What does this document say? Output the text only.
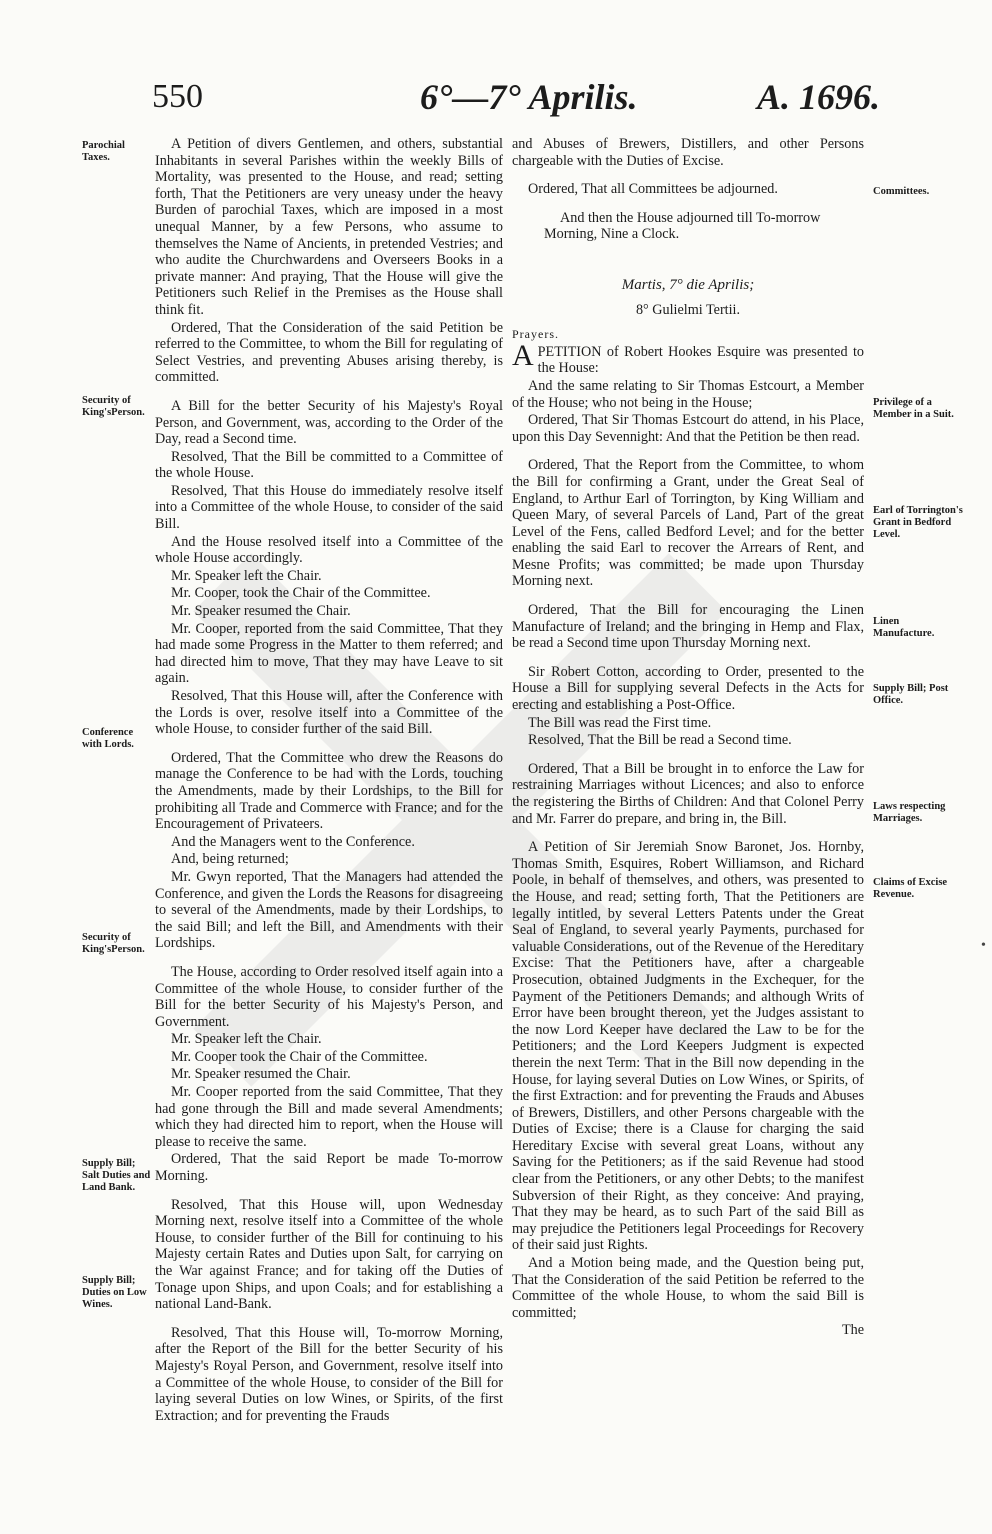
550	6°—7° Aprilis.	A. 1696.
Parochial Taxes.
Security of King'sPerson.
Conference with Lords.
Security of King'sPerson.
Supply Bill; Salt Duties and Land Bank.
Supply Bill; Duties on Low Wines.
Committees.
Privilege of a Member in a Suit.
Earl of Torrington's Grant in Bedford Level.
Linen Manufacture.
Supply Bill; Post Office.
Laws respecting Marriages.
Claims of Excise Revenue.
•

A Petition of divers Gentlemen, and others, substantial Inhabitants in several Parishes within the weekly Bills of Mortality, was presented to the House, and read; setting forth, That the Petitioners are very uneasy under the heavy Burden of parochial Taxes, which are imposed in a most unequal Manner, by a few Persons, who assume to themselves the Name of Ancients, in pretended Vestries; and who audite the Churchwardens and Overseers Books in a private manner: And praying, That the House will give the Petitioners such Relief in the Premises as the House shall think fit.

Ordered, That the Consideration of the said Petition be referred to the Committee, to whom the Bill for regulating of Select Vestries, and preventing Abuses arising thereby, is committed.

A Bill for the better Security of his Majesty's Royal Person, and Government, was, according to the Order of the Day, read a Second time.

Resolved, That the Bill be committed to a Committee of the whole House.

Resolved, That this House do immediately resolve itself into a Committee of the whole House, to consider of the said Bill.

And the House resolved itself into a Committee of the whole House accordingly.

Mr. Speaker left the Chair.

Mr. Cooper, took the Chair of the Committee.

Mr. Speaker resumed the Chair.

Mr. Cooper, reported from the said Committee, That they had made some Progress in the Matter to them referred; and had directed him to move, That they may have Leave to sit again.

Resolved, That this House will, after the Conference with the Lords is over, resolve itself into a Committee of the whole House, to consider further of the said Bill.

Ordered, That the Committee who drew the Reasons do manage the Conference to be had with the Lords, touching the Amendments, made by their Lordships, to the Bill for prohibiting all Trade and Commerce with France; and for the Encouragement of Privateers.

And the Managers went to the Conference.

And, being returned;

Mr. Gwyn reported, That the Managers had attended the Conference, and given the Lords the Reasons for disagreeing to several of the Amendments, made by their Lordships, to the said Bill; and left the Bill, and Amendments with their Lordships.

The House, according to Order resolved itself again into a Committee of the whole House, to consider further of the Bill for the better Security of his Majesty's Person, and Government.

Mr. Speaker left the Chair.

Mr. Cooper took the Chair of the Committee.

Mr. Speaker resumed the Chair.

Mr. Cooper reported from the said Committee, That they had gone through the Bill and made several Amendments; which they had directed him to report, when the House will please to receive the same.

Ordered, That the said Report be made To-morrow Morning.

Resolved, That this House will, upon Wednesday Morning next, resolve itself into a Committee of the whole House, to consider further of the Bill for continuing to his Majesty certain Rates and Duties upon Salt, for carrying on the War against France; and for taking off the Duties of Tonage upon Ships, and upon Coals; and for establishing a national Land-Bank.

Resolved, That this House will, To-morrow Morning, after the Report of the Bill for the better Security of his Majesty's Royal Person, and Government, resolve itself into a Committee of the whole House, to consider of the Bill for laying several Duties on low Wines, or Spirits, of the first Extraction; and for preventing the Frauds

and Abuses of Brewers, Distillers, and other Persons chargeable with the Duties of Excise.

Ordered, That all Committees be adjourned.

And then the House adjourned till To-morrow Morning, Nine a Clock.

Martis, 7° die Aprilis;

8° Gulielmi Tertii.

Prayers.

APETITION of Robert Hookes Esquire was presented to the House:

And the same relating to Sir Thomas Estcourt, a Member of the House; who not being in the House;

Ordered, That Sir Thomas Estcourt do attend, in his Place, upon this Day Sevennight: And that the Petition be then read.

Ordered, That the Report from the Committee, to whom the Bill for confirming a Grant, under the Great Seal of England, to Arthur Earl of Torrington, by King William and Queen Mary, of several Parcels of Land, Part of the great Level of the Fens, called Bedford Level; and for the better enabling the said Earl to recover the Arrears of Rent, and Mesne Profits; was committed; be made upon Thursday Morning next.

Ordered, That the Bill for encouraging the Linen Manufacture of Ireland; and the bringing in Hemp and Flax, be read a Second time upon Thursday Morning next.

Sir Robert Cotton, according to Order, presented to the House a Bill for supplying several Defects in the Acts for erecting and establishing a Post-Office.

The Bill was read the First time.

Resolved, That the Bill be read a Second time.

Ordered, That a Bill be brought in to enforce the Law for restraining Marriages without Licences; and also to enforce the registering the Births of Children: And that Colonel Perry and Mr. Farrer do prepare, and bring in, the Bill.

A Petition of Sir Jeremiah Snow Baronet, Jos. Hornby, Thomas Smith, Esquires, Robert Williamson, and Richard Poole, in behalf of themselves, and others, was presented to the House, and read; setting forth, That the Petitioners are legally intitled, by several Letters Patents under the Great Seal of England, to several yearly Payments, purchased for valuable Considerations, out of the Revenue of the Hereditary Excise: That the Petitioners have, after a chargeable Prosecution, obtained Judgments in the Exchequer, for the Payment of the Petitioners Demands; and although Writs of Error have been brought thereon, yet the Judges assistant to the now Lord Keeper have declared the Law to be for the Petitioners; and the Lord Keepers Judgment is expected therein the next Term: That in the Bill now depending in the House, for laying several Duties on Low Wines, or Spirits, of the first Extraction: and for preventing the Frauds and Abuses of Brewers, Distillers, and other Persons chargeable with the Duties of Excise; there is a Clause for charging the said Hereditary Excise with several great Loans, without any Saving for the Petitioners; as if the said Revenue had stood clear from the Petitioners, or any other Debts; to the manifest Subversion of their Right, as they conceive: And praying, That they may be heard, as to such Part of the said Bill as may prejudice the Petitioners legal Proceedings for Recovery of their said just Rights.

And a Motion being made, and the Question being put, That the Consideration of the said Petition be referred to the Committee of the whole House, to whom the said Bill is committed;

The
